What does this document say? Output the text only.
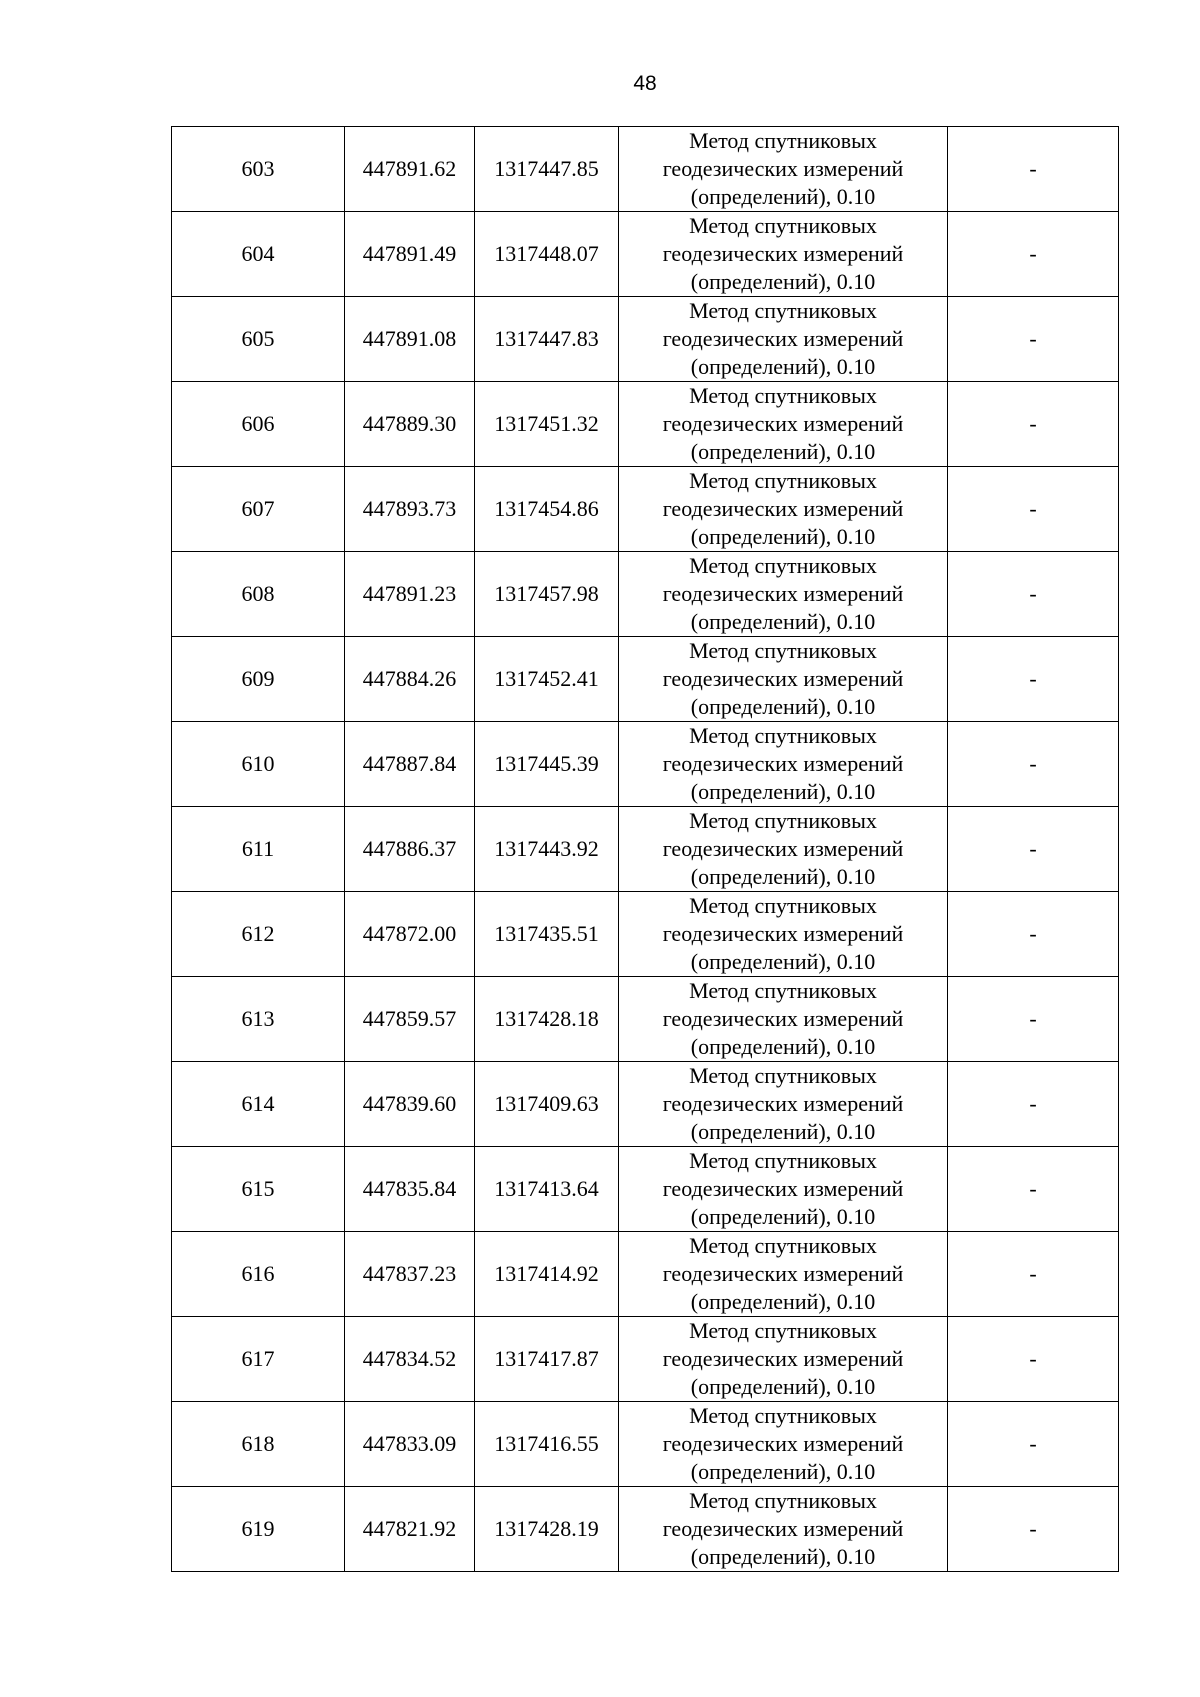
48
603	447891.62	1317447.85	Метод спутниковых
геодезических измерений
(определений), 0.10	-
604	447891.49	1317448.07	Метод спутниковых
геодезических измерений
(определений), 0.10	-
605	447891.08	1317447.83	Метод спутниковых
геодезических измерений
(определений), 0.10	-
606	447889.30	1317451.32	Метод спутниковых
геодезических измерений
(определений), 0.10	-
607	447893.73	1317454.86	Метод спутниковых
геодезических измерений
(определений), 0.10	-
608	447891.23	1317457.98	Метод спутниковых
геодезических измерений
(определений), 0.10	-
609	447884.26	1317452.41	Метод спутниковых
геодезических измерений
(определений), 0.10	-
610	447887.84	1317445.39	Метод спутниковых
геодезических измерений
(определений), 0.10	-
611	447886.37	1317443.92	Метод спутниковых
геодезических измерений
(определений), 0.10	-
612	447872.00	1317435.51	Метод спутниковых
геодезических измерений
(определений), 0.10	-
613	447859.57	1317428.18	Метод спутниковых
геодезических измерений
(определений), 0.10	-
614	447839.60	1317409.63	Метод спутниковых
геодезических измерений
(определений), 0.10	-
615	447835.84	1317413.64	Метод спутниковых
геодезических измерений
(определений), 0.10	-
616	447837.23	1317414.92	Метод спутниковых
геодезических измерений
(определений), 0.10	-
617	447834.52	1317417.87	Метод спутниковых
геодезических измерений
(определений), 0.10	-
618	447833.09	1317416.55	Метод спутниковых
геодезических измерений
(определений), 0.10	-
619	447821.92	1317428.19	Метод спутниковых
геодезических измерений
(определений), 0.10	-
